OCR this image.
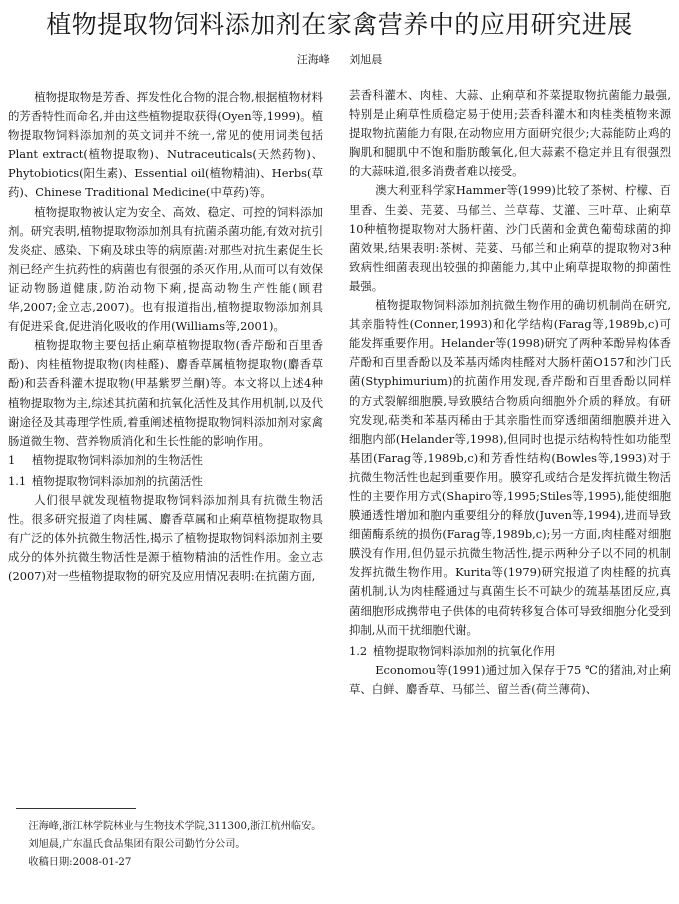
植物提取物饲料添加剂在家禽营养中的应用研究进展
汪海峰 刘旭晨

植物提取物是芳香、挥发性化合物的混合物,根据植物材料的芳香特性而命名,并由这些植物提取获得(Oyen等,1999)。植物提取物饲料添加剂的英文词并不统一,常见的使用词类包括Plant extract(植物提取物)、Nutraceuticals(天然药物)、Phytobiotics(阳生素)、Essential oil(植物精油)、Herbs(草药)、Chinese Traditional Medicine(中草药)等。

植物提取物被认定为安全、高效、稳定、可控的饲料添加剂。研究表明,植物提取物添加剂具有抗菌杀菌功能,有效对抗引发炎症、感染、下痢及球虫等的病原菌:对那些对抗生素促生长剂已经产生抗药性的病菌也有很强的杀灭作用,从而可以有效保证动物肠道健康,防治动物下痢,提高动物生产性能(顾君华,2007;金立志,2007)。也有报道指出,植物提取物添加剂具有促进采食,促进消化吸收的作用(Williams等,2001)。

植物提取物主要包括止痢草植物提取物(香芹酚和百里香酚)、肉桂植物提取物(肉桂醛)、麝香草属植物提取物(麝香草酚)和芸香科灌木提取物(甲基紫罗兰酮)等。本文将以上述4种植物提取物为主,综述其抗菌和抗氧化活性及其作用机制,以及代谢途径及其毒理学性质,着重阐述植物提取物饲料添加剂对家禽肠道微生物、营养物质消化和生长性能的影响作用。

1 植物提取物饲料添加剂的生物活性

1.1 植物提取物饲料添加剂的抗菌活性

人们很早就发现植物提取物饲料添加剂具有抗微生物活性。很多研究报道了肉桂属、麝香草属和止痢草植物提取物具有广泛的体外抗微生物活性,揭示了植物提取物饲料添加剂主要成分的体外抗微生物活性是源于植物精油的活性作用。金立志(2007)对一些植物提取物的研究及应用情况表明:在抗菌方面,

汪海峰,浙江林学院林业与生物技术学院,311300,浙江杭州临安。

刘旭晨,广东温氏食品集团有限公司勤竹分公司。

收稿日期:2008-01-27

芸香科灌木、肉桂、大蒜、止痢草和芥菜提取物抗菌能力最强,特别是止痢草性质稳定易于使用;芸香科灌木和肉桂类植物来源提取物抗菌能力有限,在动物应用方面研究很少;大蒜能防止鸡的胸肌和腿肌中不饱和脂肪酸氧化,但大蒜素不稳定并且有很强烈的大蒜味道,很多消费者难以接受。

澳大利亚科学家Hammer等(1999)比较了茶树、柠檬、百里香、生姜、芫荽、马郁兰、兰草莓、艾灌、三叶草、止痢草10种植物提取物对大肠杆菌、沙门氏菌和金黄色葡萄球菌的抑菌效果,结果表明:茶树、芫荽、马郁兰和止痢草的提取物对3种致病性细菌表现出较强的抑菌能力,其中止痢草提取物的抑菌性最强。

植物提取物饲料添加剂抗微生物作用的确切机制尚在研究,其亲脂特性(Conner,1993)和化学结构(Farag等,1989b,c)可能发挥重要作用。Helander等(1998)研究了两种苯酚异构体香芹酚和百里香酚以及苯基丙烯肉桂醛对大肠杆菌O157和沙门氏菌(Styphimurium)的抗菌作用发现,香芹酚和百里香酚以同样的方式裂解细胞膜,导致膜结合物质向细胞外介质的释放。有研究发现,萜类和苯基丙稀由于其亲脂性而穿透细菌细胞膜并进入细胞内部(Helander等,1998),但同时也提示结构特性如功能型基团(Farag等,1989b,c)和芳香性结构(Bowles等,1993)对于抗微生物活性也起到重要作用。膜穿孔或结合是发挥抗微生物活性的主要作用方式(Shapiro等,1995;Stiles等,1995),能使细胞膜通透性增加和胞内重要组分的释放(Juven等,1994),进而导致细菌酶系统的损伤(Farag等,1989b,c);另一方面,肉桂醛对细胞膜没有作用,但仍显示抗微生物活性,提示两种分子以不同的机制发挥抗微生物作用。Kurita等(1979)研究报道了肉桂醛的抗真菌机制,认为肉桂醛通过与真菌生长不可缺少的巯基基团反应,真菌细胞形成携带电子供体的电荷转移复合体可导致细胞分化受到抑制,从而干扰细胞代谢。

1.2 植物提取物饲料添加剂的抗氧化作用

Economou等(1991)通过加入保存于75 ℃的猪油,对止痢草、白鲜、麝香草、马郁兰、留兰香(荷兰薄荷)、
